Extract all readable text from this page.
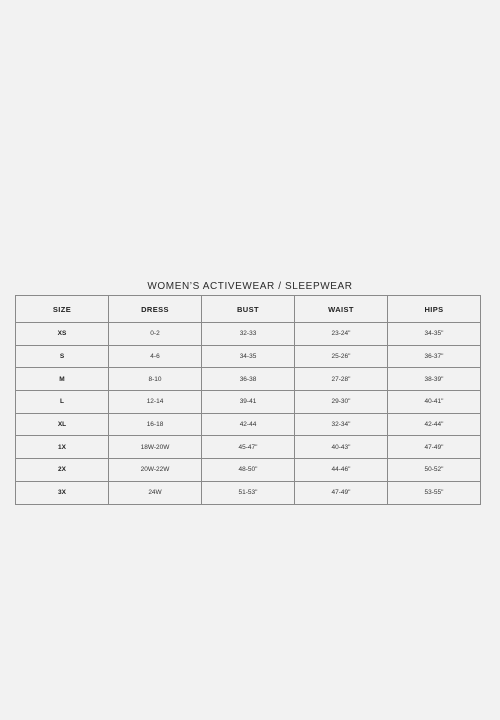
WOMEN’S ACTIVEWEAR / SLEEPWEAR
SIZE	DRESS	BUST	WAIST	HIPS
XS	0-2	32-33	23-24"	34-35"
S	4-6	34-35	25-26"	36-37"
M	8-10	36-38	27-28"	38-39"
L	12-14	39-41	29-30"	40-41"
XL	16-18	42-44	32-34"	42-44"
1X	18W-20W	45-47"	40-43"	47-49"
2X	20W-22W	48-50"	44-46"	50-52"
3X	24W	51-53"	47-49"	53-55"
